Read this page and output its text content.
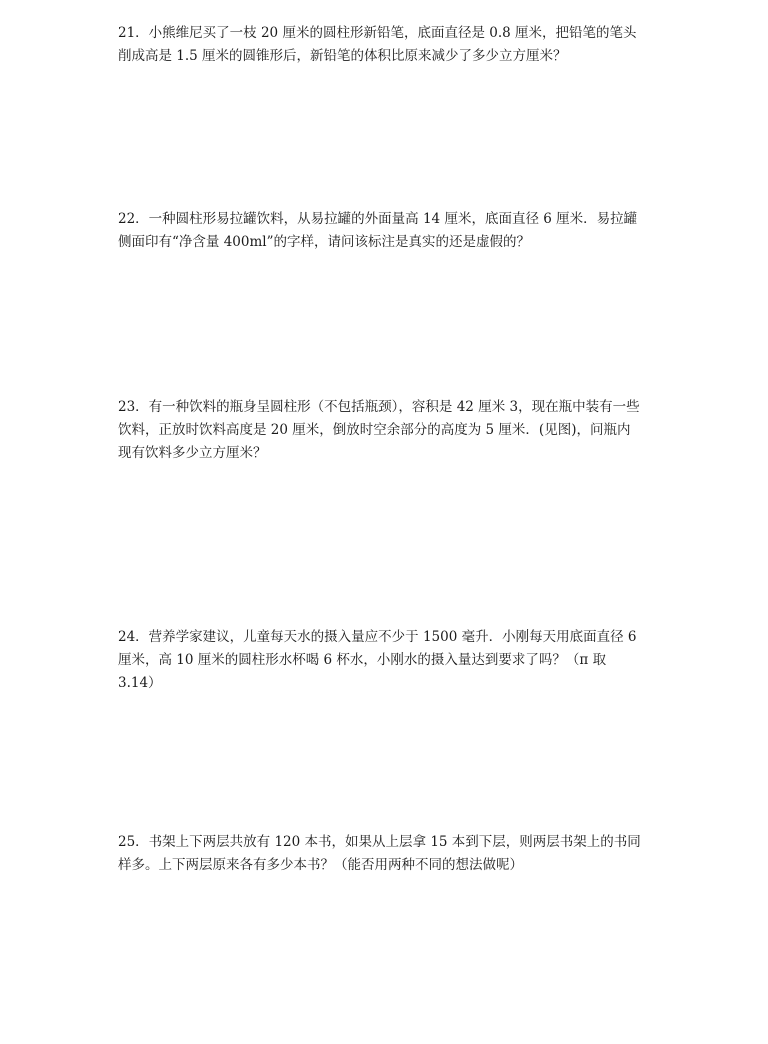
21．小熊维尼买了一枝 20 厘米的圆柱形新铅笔，底面直径是 0.8 厘米，把铅笔的笔头
削成高是 1.5 厘米的圆锥形后，新铅笔的体积比原来减少了多少立方厘米？
22．一种圆柱形易拉罐饮料，从易拉罐的外面量高 14 厘米，底面直径 6 厘米．易拉罐
侧面印有“净含量 400ml”的字样，请问该标注是真实的还是虚假的？
23．有一种饮料的瓶身呈圆柱形（不包括瓶颈），容积是 42 厘米 3，现在瓶中装有一些
饮料，正放时饮料高度是 20 厘米，倒放时空余部分的高度为 5 厘米．(见图)，问瓶内
现有饮料多少立方厘米？
24．营养学家建议，儿童每天水的摄入量应不少于 1500 毫升．小刚每天用底面直径 6
厘米，高 10 厘米的圆柱形水杯喝 6 杯水，小刚水的摄入量达到要求了吗？（π 取
3.14）
25．书架上下两层共放有 120 本书，如果从上层拿 15 本到下层，则两层书架上的书同
样多。上下两层原来各有多少本书？（能否用两种不同的想法做呢）
